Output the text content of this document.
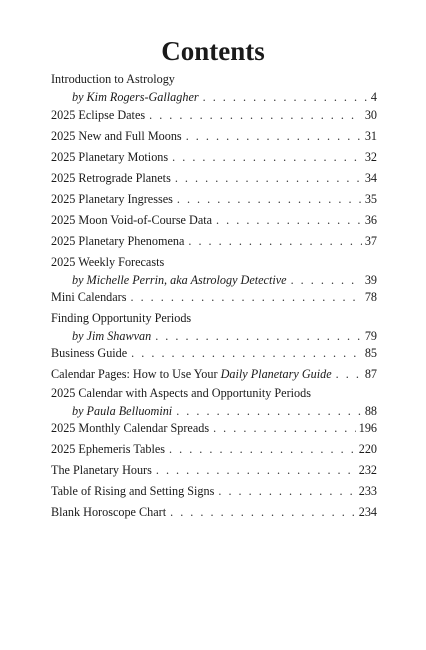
Contents
Introduction to Astrology
by Kim Rogers-Gallagher . . .	4
2025 Eclipse Dates . . .	30
2025 New and Full Moons . . .	31
2025 Planetary Motions . . .	32
2025 Retrograde Planets . . .	34
2025 Planetary Ingresses . . .	35
2025 Moon Void-of-Course Data . . .	36
2025 Planetary Phenomena . . .	37
2025 Weekly Forecasts
by Michelle Perrin, aka Astrology Detective . . .	39
Mini Calendars . . .	78
Finding Opportunity Periods
by Jim Shawvan . . .	79
Business Guide . . .	85
Calendar Pages: How to Use Your Daily Planetary Guide . . .	87
2025 Calendar with Aspects and Opportunity Periods
by Paula Belluomini . . .	88
2025 Monthly Calendar Spreads . . .	196
2025 Ephemeris Tables . . .	220
The Planetary Hours . . .	232
Table of Rising and Setting Signs . . .	233
Blank Horoscope Chart . . .	234
